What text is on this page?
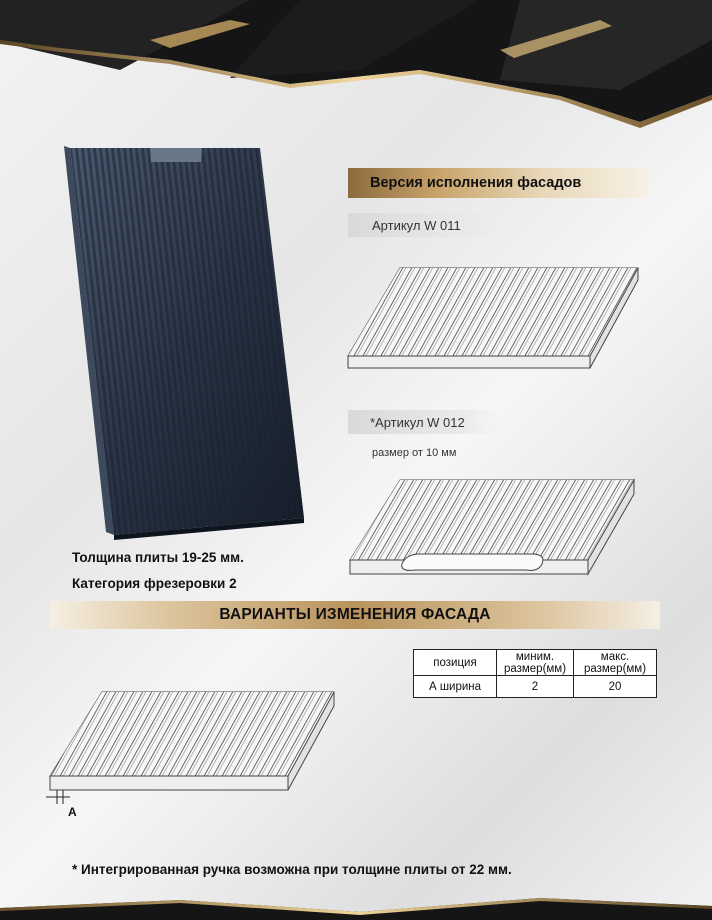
Версия исполнения фасадов
Артикул W 011
*Артикул W 012
размер от 10 мм
Толщина плиты 19-25 мм.
Категория фрезеровки 2
ВАРИАНТЫ ИЗМЕНЕНИЯ ФАСАДА
позиция	миним. размер(мм)	макс. размер(мм)
А ширина	2	20
A
* Интегрированная ручка возможна при толщине плиты от 22 мм.
